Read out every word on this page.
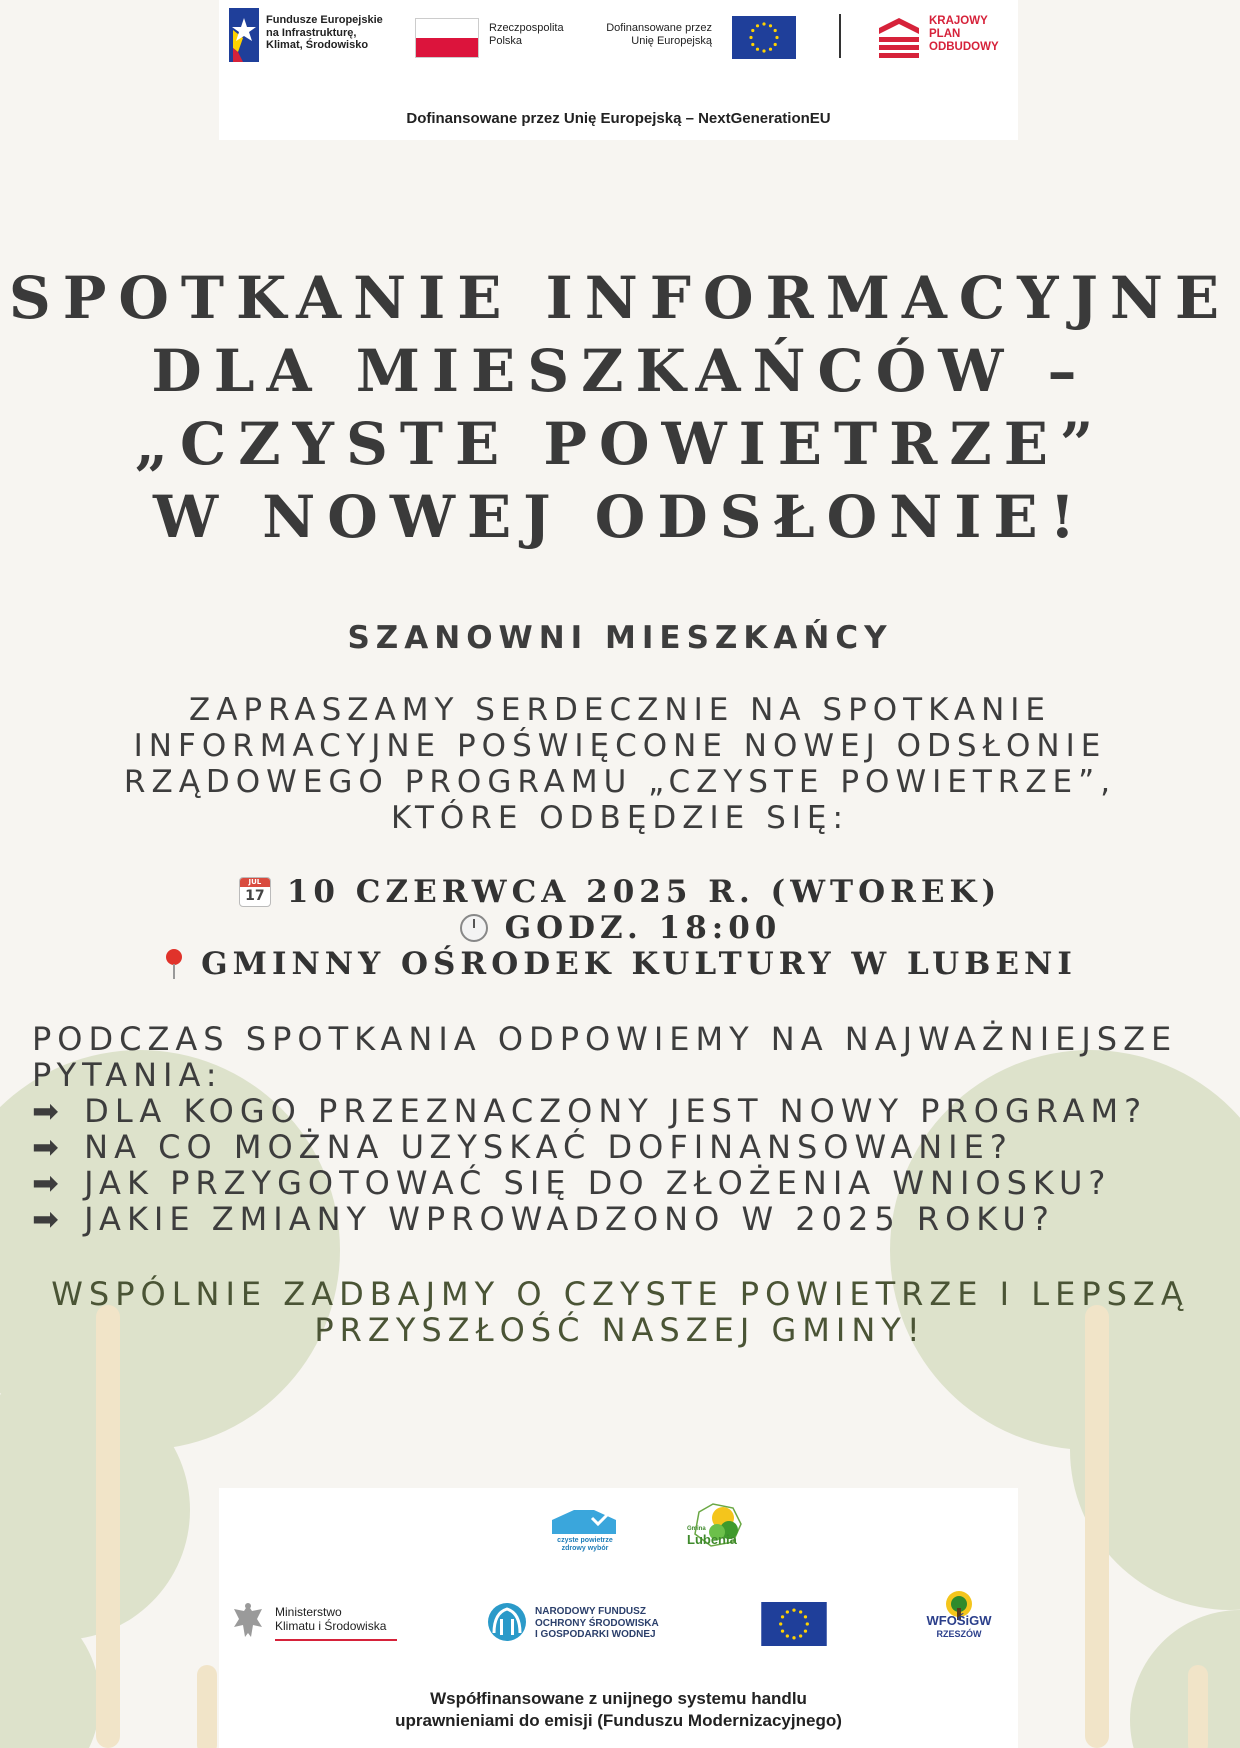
Fundusze Europejskie
na Infrastrukturę,
Klimat, Środowisko
Rzeczpospolita
Polska
Dofinansowane przez
Unię Europejską
KRAJOWY
PLAN
ODBUDOWY
Dofinansowane przez Unię Europejską – NextGenerationEU
SPOTKANIE INFORMACYJNE
DLA MIESZKAŃCÓW –
„CZYSTE POWIETRZE”
W NOWEJ ODSŁONIE!
SZANOWNI MIESZKAŃCY
ZAPRASZAMY SERDECZNIE NA SPOTKANIE
INFORMACYJNE POŚWIĘCONE NOWEJ ODSŁONIE
RZĄDOWEGO PROGRAMU „CZYSTE POWIETRZE”,
KTÓRE ODBĘDZIE SIĘ:
JUL
17 10 CZERWCA 2025 R. (WTOREK)
GODZ. 18:00
GMINNY OŚRODEK KULTURY W LUBENI
PODCZAS SPOTKANIA ODPOWIEMY NA NAJWAŻNIEJSZE
PYTANIA:
➡ DLA KOGO PRZEZNACZONY JEST NOWY PROGRAM?
➡ NA CO MOŻNA UZYSKAĆ DOFINANSOWANIE?
➡ JAK PRZYGOTOWAĆ SIĘ DO ZŁOŻENIA WNIOSKU?
➡ JAKIE ZMIANY WPROWADZONO W 2025 ROKU?
WSPÓLNIE ZADBAJMY O CZYSTE POWIETRZE I LEPSZĄ
PRZYSZŁOŚĆ NASZEJ GMINY!
czyste powietrze
zdrowy wybór
Gmina
Lubenia
Ministerstwo
Klimatu i Środowiska
NARODOWY FUNDUSZ
OCHRONY ŚRODOWISKA
I GOSPODARKI WODNEJ
WFOŚiGW
RZESZÓW
Współfinansowane z unijnego systemu handlu
uprawnieniami do emisji (Funduszu Modernizacyjnego)
